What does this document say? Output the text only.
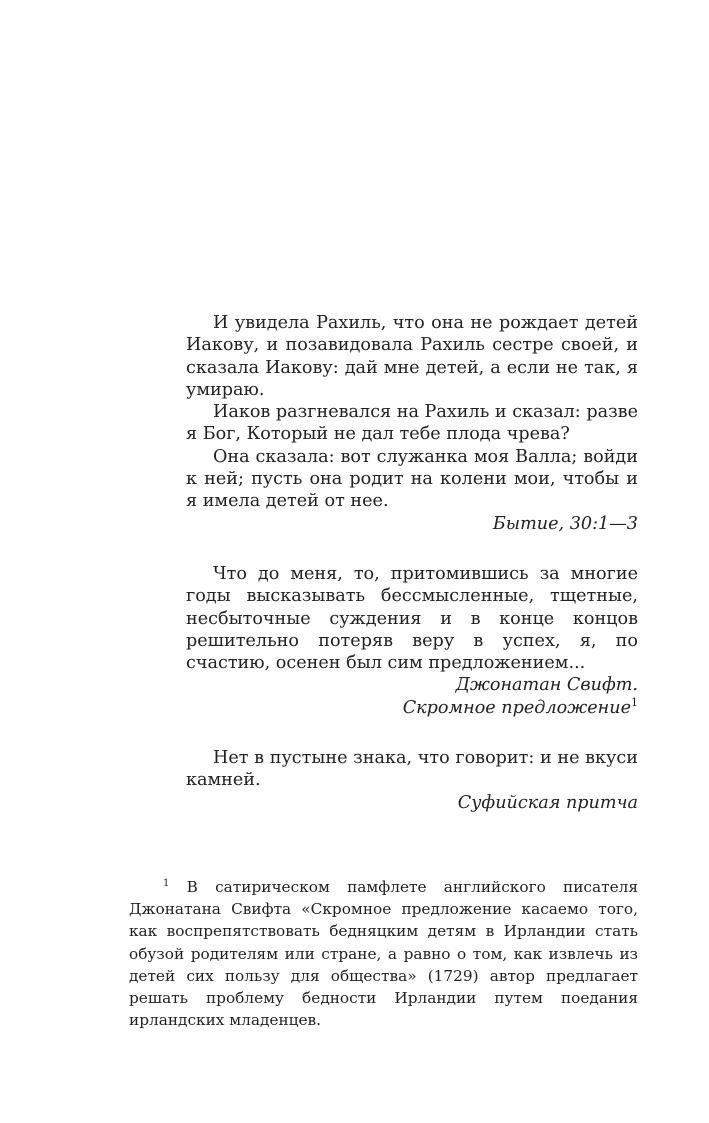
И увидела Рахиль, что она не рождает детей Иакову, и позавидовала Рахиль сестре своей, и сказала Иакову: дай мне детей, а если не так, я умираю.

Иаков разгневался на Рахиль и сказал: разве я Бог, Который не дал тебе плода чрева?

Она сказала: вот служанка моя Валла; войди к ней; пусть она родит на колени мои, чтобы и я имела детей от нее.

Бытие, 30:1—3

Что до меня, то, притомившись за многие годы высказывать бессмысленные, тщетные, несбыточные суждения и в конце концов решительно потеряв веру в успех, я, по счастию, осенен был сим предложением...

Джонатан Свифт.
Скромное предложение$^1$

Нет в пустыне знака, что говорит: и не вкуси камней.

Суфийская притча

$^1$ В сатирическом памфлете английского писателя Джонатана Свифта «Скромное предложение касаемо того, как воспрепятствовать бедняцким детям в Ирландии стать обузой родителям или стране, а равно о том, как извлечь из детей сих пользу для общества» (1729) автор предлагает решать проблему бедности Ирландии путем поедания ирландских младенцев.
